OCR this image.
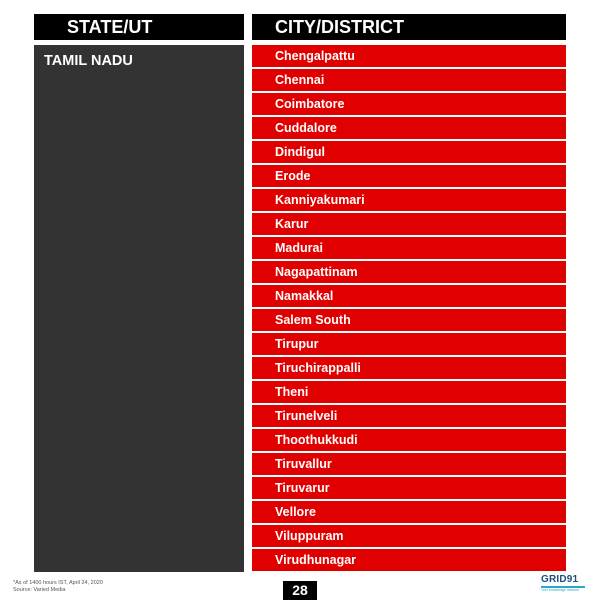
STATE/UT	CITY/DISTRICT
TAMIL NADU	Chengalpattu
Chennai
Coimbatore
Cuddalore
Dindigul
Erode
Kanniyakumari
Karur
Madurai
Nagapattinam
Namakkal
Salem South
Tirupur
Tiruchirappalli
Theni
Tirunelveli
Thoothukkudi
Tiruvallur
Tiruvarur
Vellore
Viluppuram
Virudhunagar
*As of 1400 hours IST, April 24, 2020
Source: Varied Media	28
GRID91
Your knowledge network
